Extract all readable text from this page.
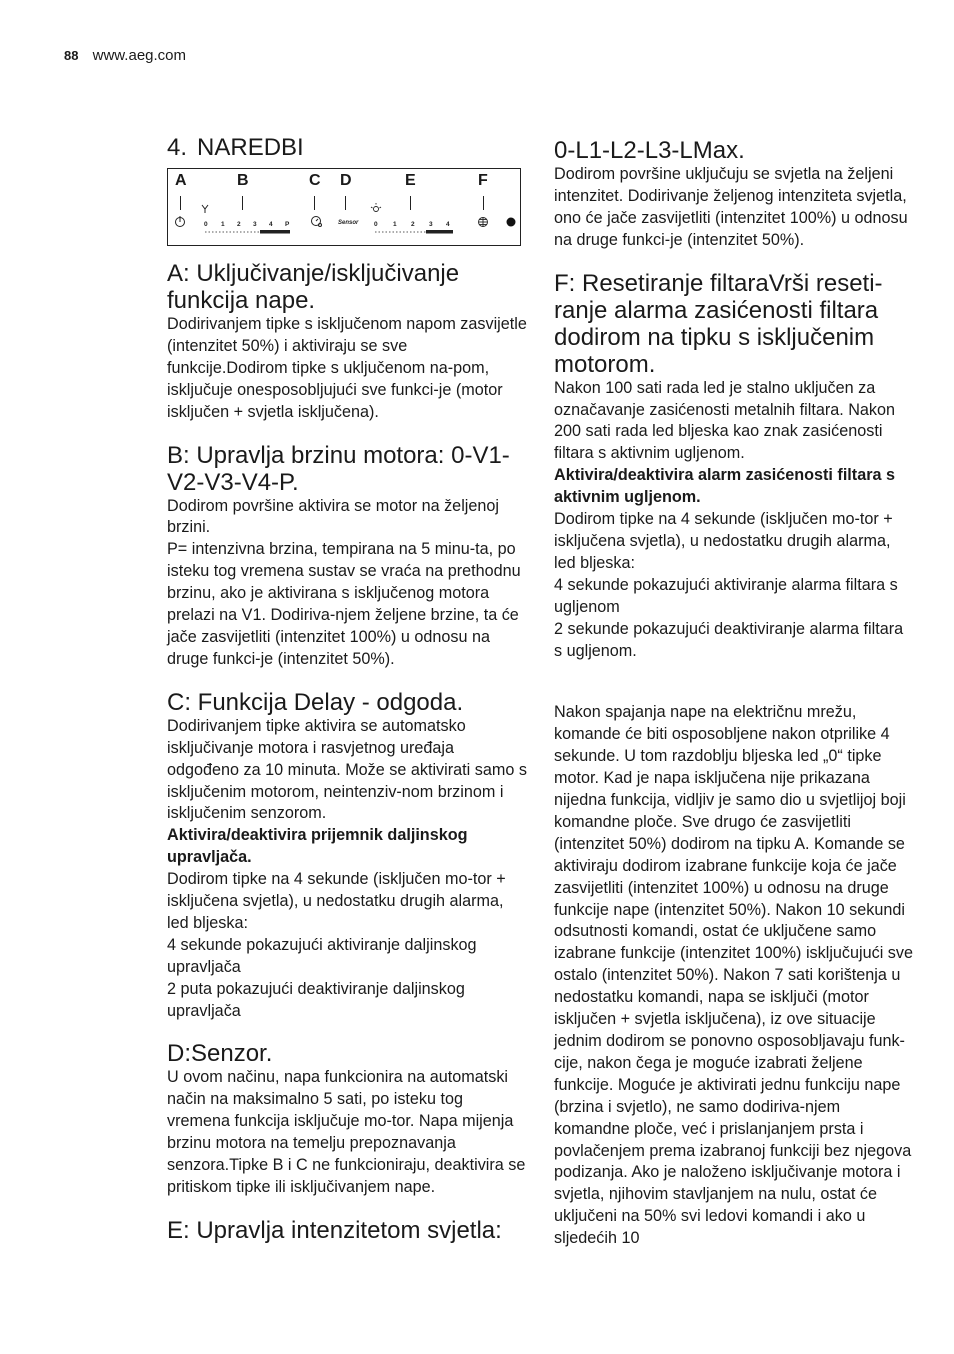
88 www.aeg.com
4. NAREDBI
A	B	C D	E	F
0 1 2 3 4 P	Sensor 0 1 2 3 4
A: Uključivanje/isključivanje funkcija nape.

Dodirivanjem tipke s isključenom napom zasvijetle (intenzitet 50%) i aktiviraju se sve funkcije.Dodirom tipke s uključenom na-pom, isključuje onesposobljujući sve funkci-je (motor isključen + svjetla isključena).

B: Upravlja brzinu motora: 0-V1-V2-V3-V4-P.

Dodirom površine aktivira se motor na željenoj brzini.

P= intenzivna brzina, tempirana na 5 minu-ta, po isteku tog vremena sustav se vraća na prethodnu brzinu, ako je aktivirana s isključenog motora prelazi na V1. Dodiriva-njem željene brzine, ta će jače zasvijetliti (intenzitet 100%) u odnosu na druge funkci-je (intenzitet 50%).

C: Funkcija Delay - odgoda.

Dodirivanjem tipke aktivira se automatsko isključivanje motora i rasvjetnog uređaja odgođeno za 10 minuta. Može se aktivirati samo s isključenim motorom, neintenziv-nom brzinom i isključenim senzorom.

Aktivira/deaktivira prijemnik daljinskog upravljača.

Dodirom tipke na 4 sekunde (isključen mo-tor + isključena svjetla), u nedostatku drugih alarma, led bljeska:

4 sekunde pokazujući aktiviranje daljinskog upravljača

2 puta pokazujući deaktiviranje daljinskog upravljača

D:Senzor.

U ovom načinu, napa funkcionira na automatski način na maksimalno 5 sati, po isteku tog vremena funkcija isključuje mo-tor. Napa mijenja brzinu motora na temelju prepoznavanja senzora.Tipke B i C ne funkcioniraju, deaktivira se pritiskom tipke ili isključivanjem nape.

E: Upravlja intenzitetom svjetla:
0-L1-L2-L3-LMax.

Dodirom površine uključuju se svjetla na željeni intenzitet. Dodirivanje željenog intenziteta svjetla, ono će jače zasvijetliti (intenzitet 100%) u odnosu na druge funkci-je (intenzitet 50%).

F: Resetiranje filtaraVrši reseti-ranje alarma zasićenosti filtara dodirom na tipku s isključenim motorom.

Nakon 100 sati rada led je stalno uključen za označavanje zasićenosti metalnih filtara. Nakon 200 sati rada led bljeska kao znak zasićenosti filtara s aktivnim ugljenom.

Aktivira/deaktivira alarm zasićenosti filtara s aktivnim ugljenom.

Dodirom tipke na 4 sekunde (isključen mo-tor + isključena svjetla), u nedostatku drugih alarma, led bljeska:

4 sekunde pokazujući aktiviranje alarma filtara s ugljenom

2 sekunde pokazujući deaktiviranje alarma filtara s ugljenom.

Nakon spajanja nape na električnu mrežu, komande će biti osposobljene nakon otprilike 4 sekunde. U tom razdoblju bljeska led „0“ tipke motor. Kad je napa isključena nije prikazana nijedna funkcija, vidljiv je samo dio u svjetlijoj boji komandne ploče. Sve drugo će zasvijetliti (intenzitet 50%) dodirom na tipku A. Komande se aktiviraju dodirom izabrane funkcije koja će jače zasvijetliti (intenzitet 100%) u odnosu na druge funkcije nape (intenzitet 50%). Nakon 10 sekundi odsutnosti komandi, ostat će uključene samo izabrane funkcije (intenzitet 100%) isključujući sve ostalo (intenzitet 50%). Nakon 7 sati korištenja u nedostatku komandi, napa se isključi (motor isključen + svjetla isključena), iz ove situacije jednim dodirom se ponovno osposobljavaju funk-cije, nakon čega je moguće izabrati željene funkcije. Moguće je aktivirati jednu funkciju nape (brzina i svjetlo), ne samo dodiriva-njem komandne ploče, već i prislanjanjem prsta i povlačenjem prema izabranoj funkciji bez njegova podizanja. Ako je naloženo isključivanje motora i svjetla, njihovim stavljanjem na nulu, ostat će uključeni na 50% svi ledovi komandi i ako u sljedećih 10
